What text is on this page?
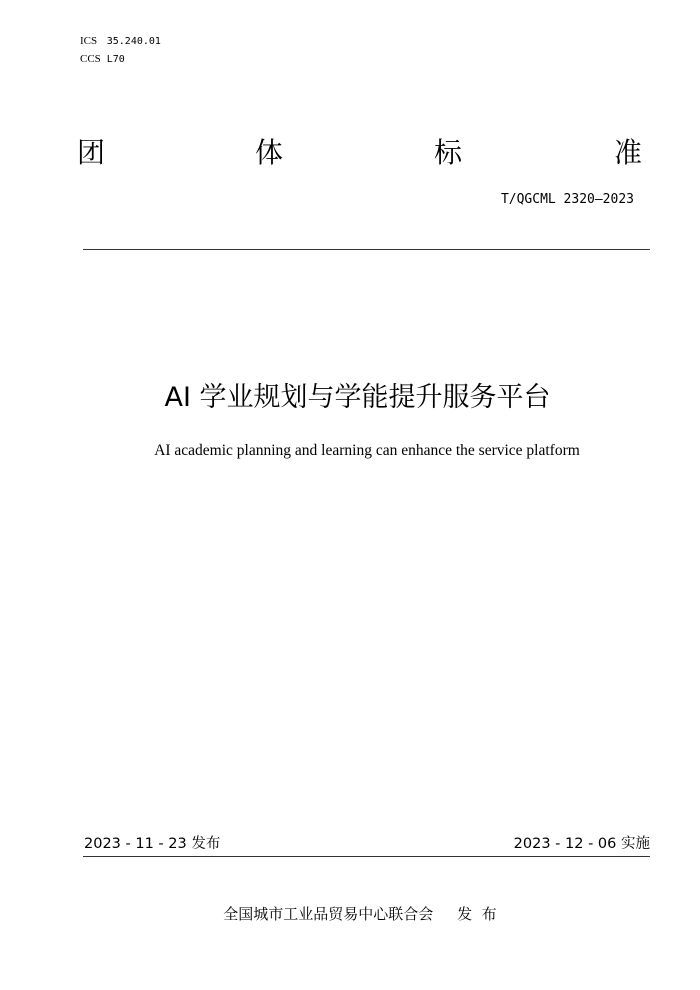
ICS 35.240.01
CCS L70
团	体	标	准
T/QGCML 2320—2023
AI 学业规划与学能提升服务平台
AI academic planning and learning can enhance the service platform
2023 - 11 - 23 发布	2023 - 12 - 06 实施
全国城市工业品贸易中心联合会     发  布
